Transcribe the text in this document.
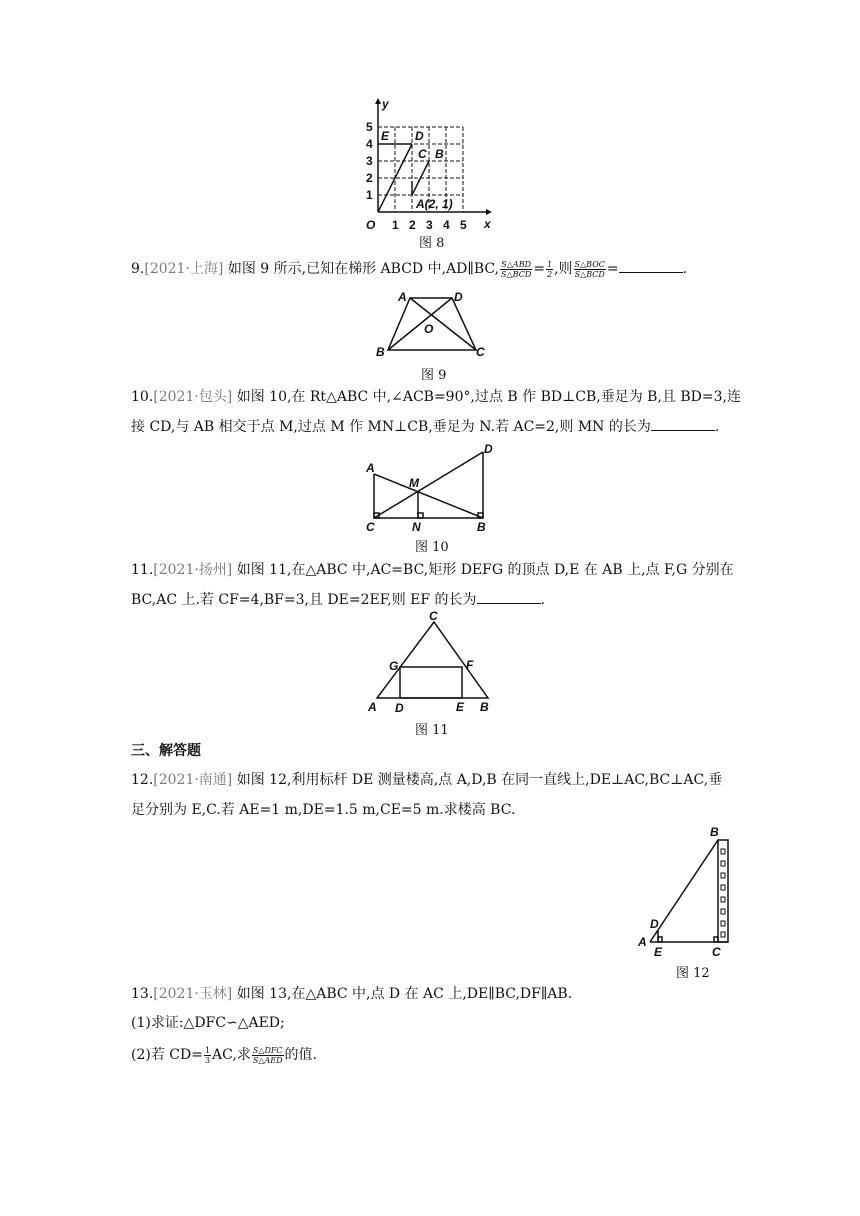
y
x
O 1 2 3 4 5
1
2
3
4
5
E D
C B
A(2, 1)
图 8
9.[2021·上海] 如图 9 所示,已知在梯形 ABCD 中,AD∥BC, $\frac{\text{S△ABD}}{\text{S△BCD}} = \frac{1}{2}$ ,则 $\frac{\text{S△BOC}}{\text{S△BCD}}$ =	.
A	D
O
B	C
图 9
10.[2021·包头] 如图 10,在 Rt△ABC 中,∠ACB=90°,过点 B 作 BD⊥CB,垂足为 B,且 BD=3,连
接 CD,与 AB 相交于点 M,过点 M 作 MN⊥CB,垂足为 N.若 AC=2,则 MN 的长为	.
A
D
M
C	N	B
图 10
11.[2021·扬州] 如图 11,在△ABC 中,AC=BC,矩形 DEFG 的顶点 D,E 在 AB 上,点 F,G 分别在
BC,AC 上.若 CF=4,BF=3,且 DE=2EF,则 EF 的长为	.
C
G	F
A D	E B
图 11
三、解答题
12.[2021·南通] 如图 12,利用标杆 DE 测量楼高,点 A,D,B 在同一直线上,DE⊥AC,BC⊥AC,垂
足分别为 E,C.若 AE=1 m,DE=1.5 m,CE=5 m.求楼高 BC.
B
D
A
E	C
图 12
13.[2021·玉林] 如图 13,在△ABC 中,点 D 在 AC 上,DE∥BC,DF∥AB.
(1)求证:△DFC∽△AED;
(2)若 $CD= \frac{1}{3}$ AC,求 $\frac{\text{S△DFC}}{\text{S△AED}}$ 的值.
